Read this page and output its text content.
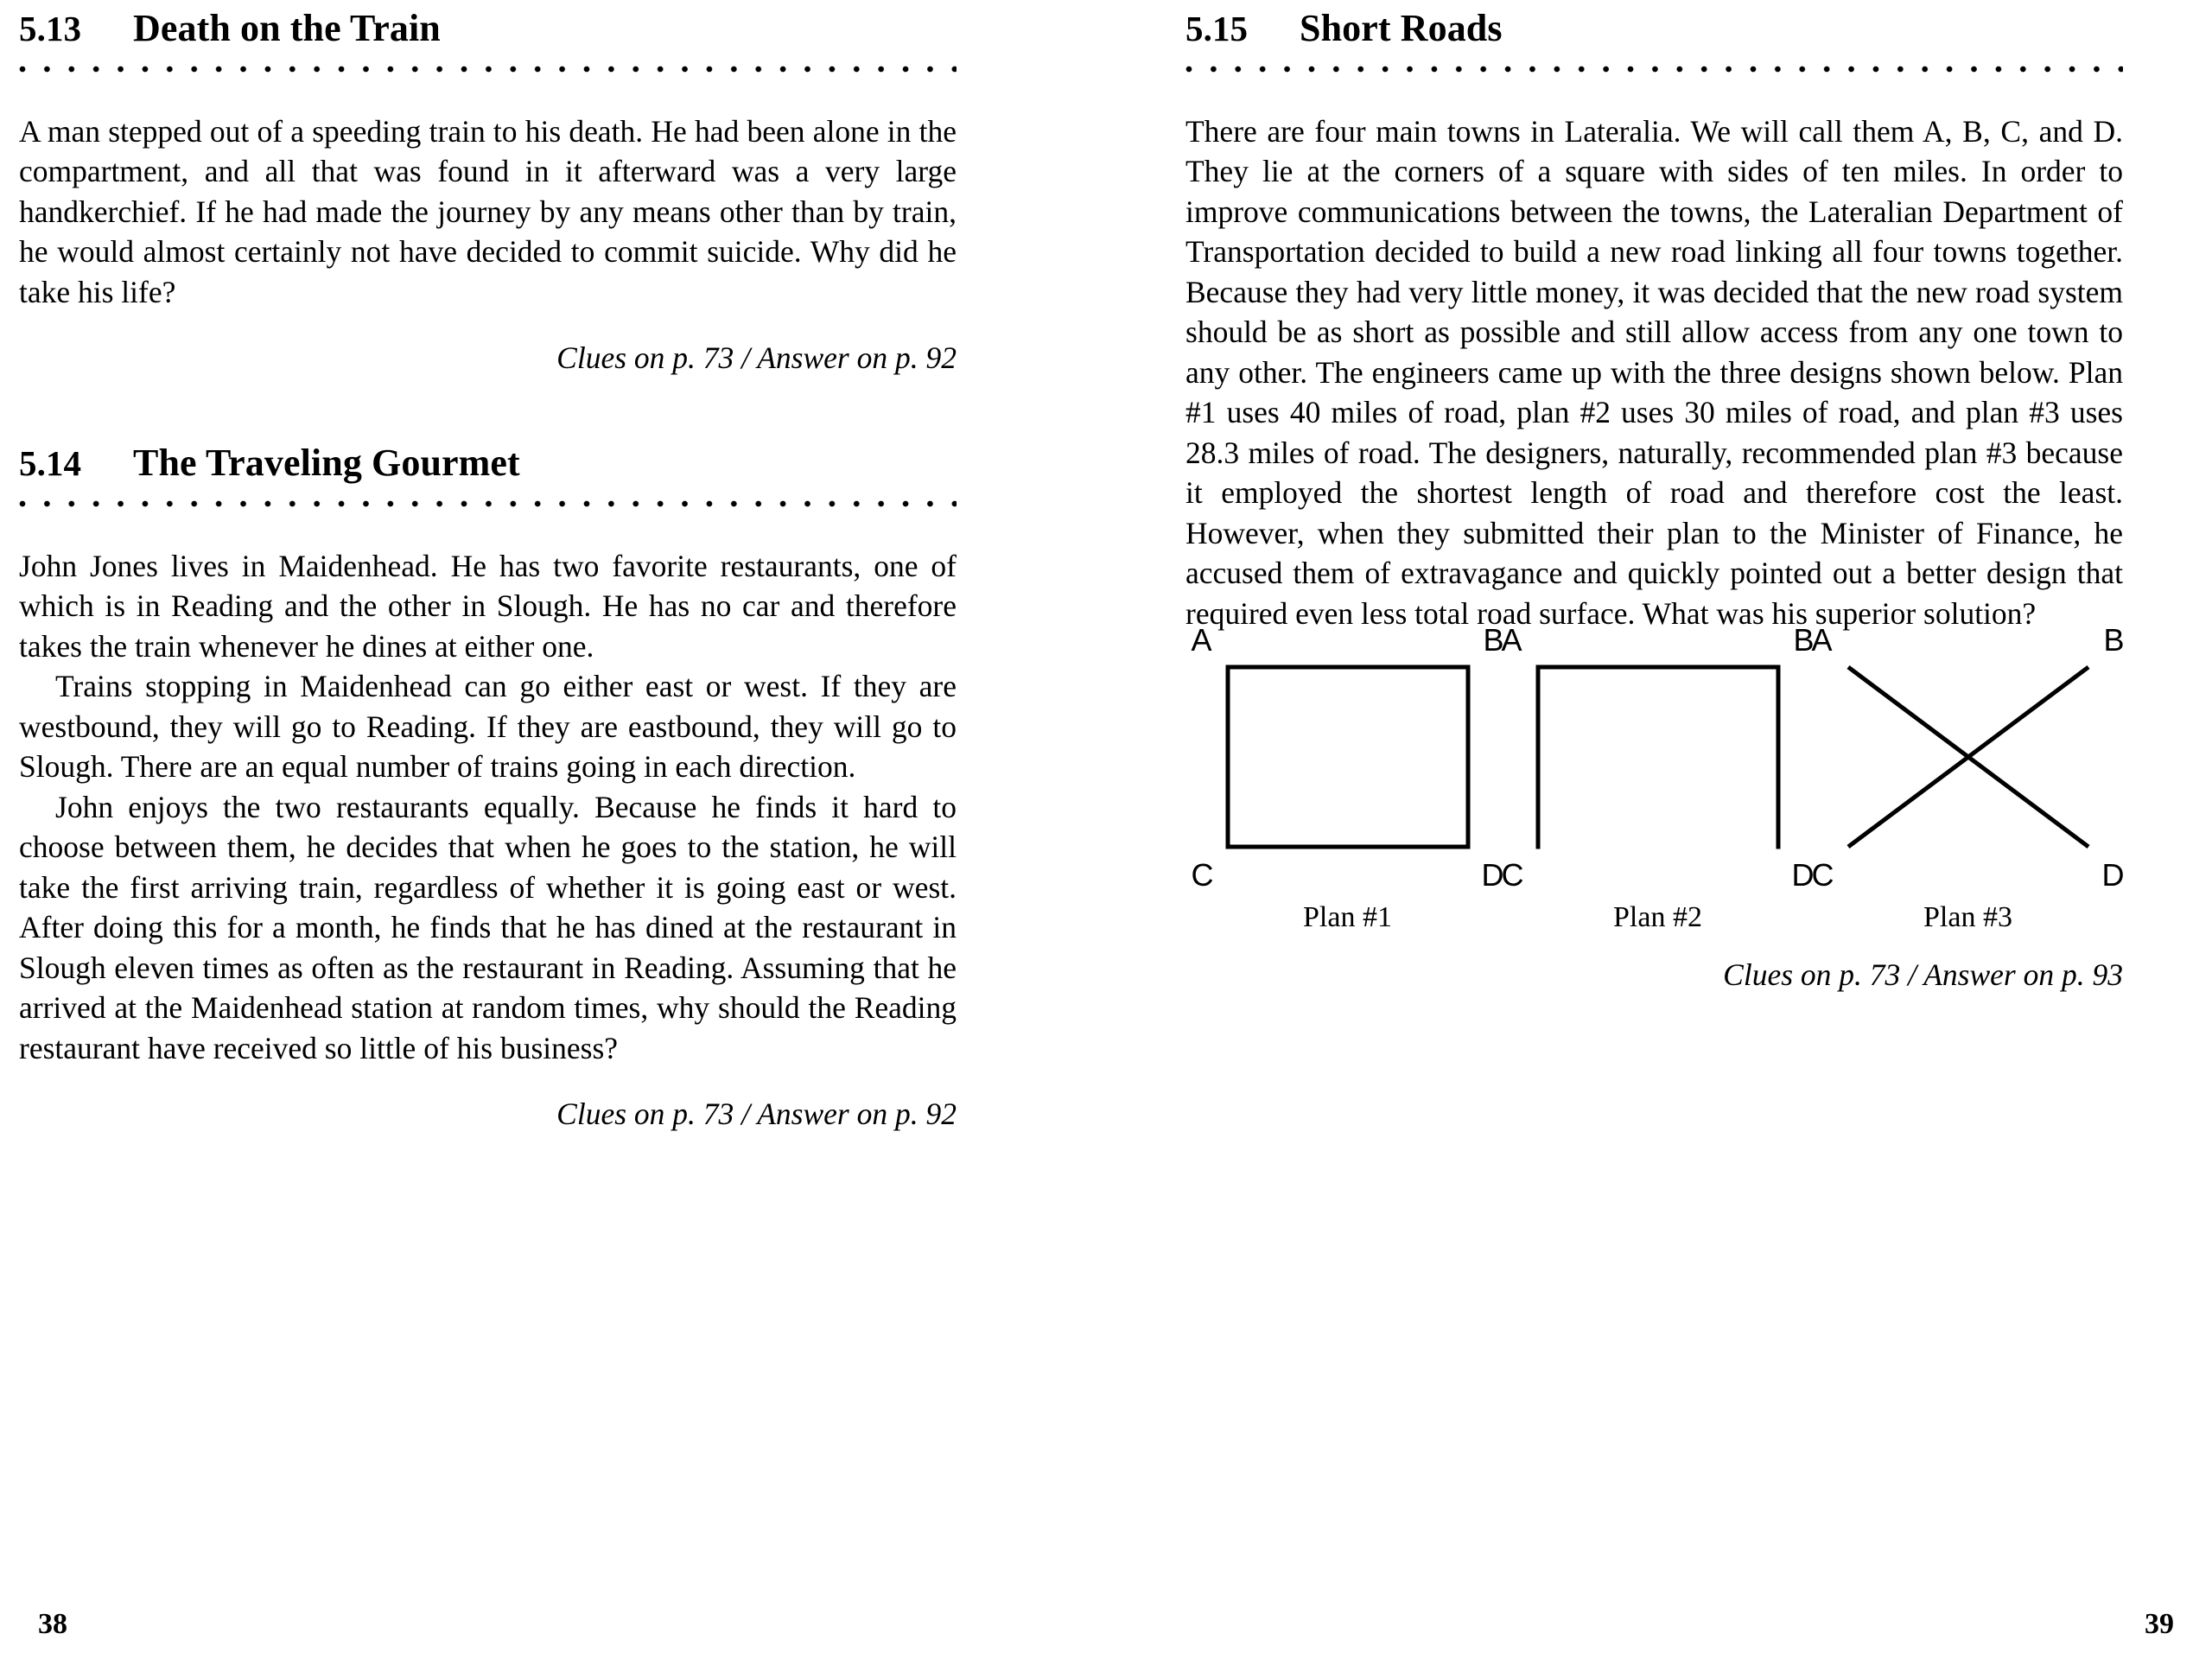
5.13	Death on the Train

A man stepped out of a speeding train to his death. He had been alone in the compartment, and all that was found in it afterward was a very large handkerchief. If he had made the journey by any means other than by train, he would almost certainly not have decided to commit suicide. Why did he take his life?

Clues on p. 73 / Answer on p. 92

5.14	The Traveling Gourmet

John Jones lives in Maidenhead. He has two favorite restaurants, one of which is in Reading and the other in Slough. He has no car and therefore takes the train whenever he dines at either one.

Trains stopping in Maidenhead can go either east or west. If they are westbound, they will go to Reading. If they are eastbound, they will go to Slough. There are an equal number of trains going in each direction.

John enjoys the two restaurants equally. Because he finds it hard to choose between them, he decides that when he goes to the station, he will take the first arriving train, regardless of whether it is going east or west. After doing this for a month, he finds that he has dined at the restaurant in Slough eleven times as often as the restaurant in Reading. Assuming that he arrived at the Maidenhead station at random times, why should the Reading restaurant have received so little of his business?

Clues on p. 73 / Answer on p. 92

38
5.15	Short Roads

There are four main towns in Lateralia. We will call them A, B, C, and D. They lie at the corners of a square with sides of ten miles. In order to improve communications between the towns, the Lateralian Department of Transportation decided to build a new road linking all four towns together. Because they had very little money, it was decided that the new road system should be as short as possible and still allow access from any one town to any other. The engineers came up with the three designs shown below. Plan #1 uses 40 miles of road, plan #2 uses 30 miles of road, and plan #3 uses 28.3 miles of road. The designers, naturally, recommended plan #3 because it employed the shortest length of road and therefore cost the least. However, when they submitted their plan to the Minister of Finance, he accused them of extravagance and quickly pointed out a better design that required even less total road surface. What was his superior solution?

A	B
C	D
Plan #1
A	B
C	D
Plan #2
A	B
C	D
Plan #3

Clues on p. 73 / Answer on p. 93

39
